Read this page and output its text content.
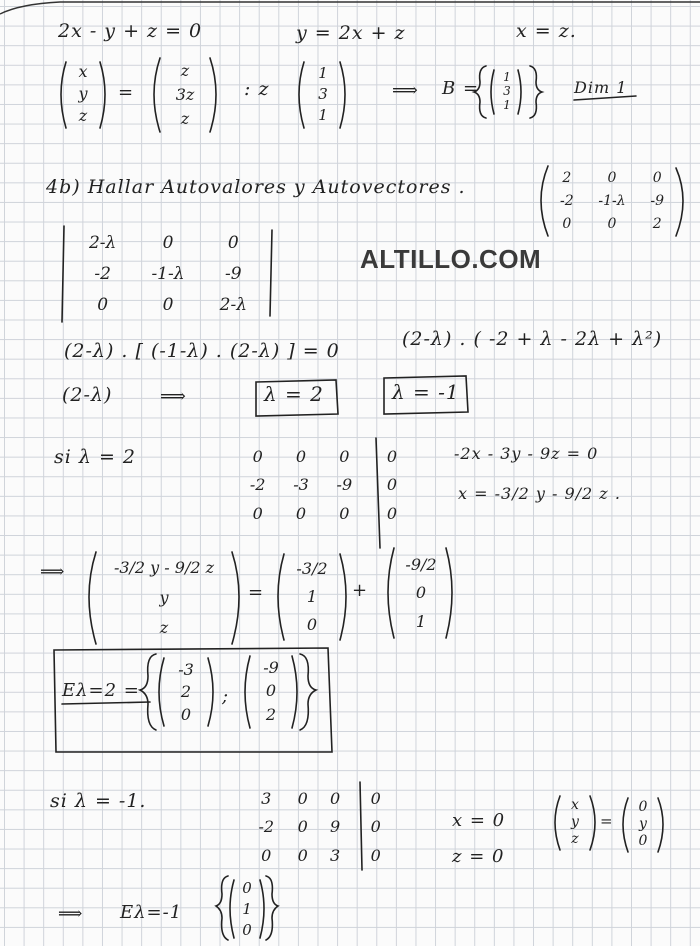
2x - y + z = 0	y = 2x + z	x = z.
x
y
z
=
z
3z
z
: z
1
3
1
⟹ B =
1
3
1
Dim 1
4b) Hallar Autovalores y Autovectores .	2	0	0
-2	-1-λ	-9
0	0	2
2-λ	0	0
-2	-1-λ	-9
0	0	2-λ
ALTILLO.COM
(2-λ) . [ (-1-λ) . (2-λ) ] = 0
(2-λ) . ( -2 + λ - 2λ + λ²)
(2-λ)	⟹	λ = 2	λ = -1
si λ = 2	0	0	0	0
-2	-3	-9	0
0	0	0	0
-2x - 3y - 9z = 0
x = -3/2 y - 9/2 z .
⟹	-3/2 y - 9/2 z
y
z
=
-3/2
1
0
+
-9/2
0
1
Eλ=2 =
-3
2
0
;
-9
0
2
si λ = -1.	3	0	0	0
-2	0	9	0
0	0	3	0
x = 0
z = 0
x
y
z
=
0
y
0
⟹ Eλ=-1
0
1
0
